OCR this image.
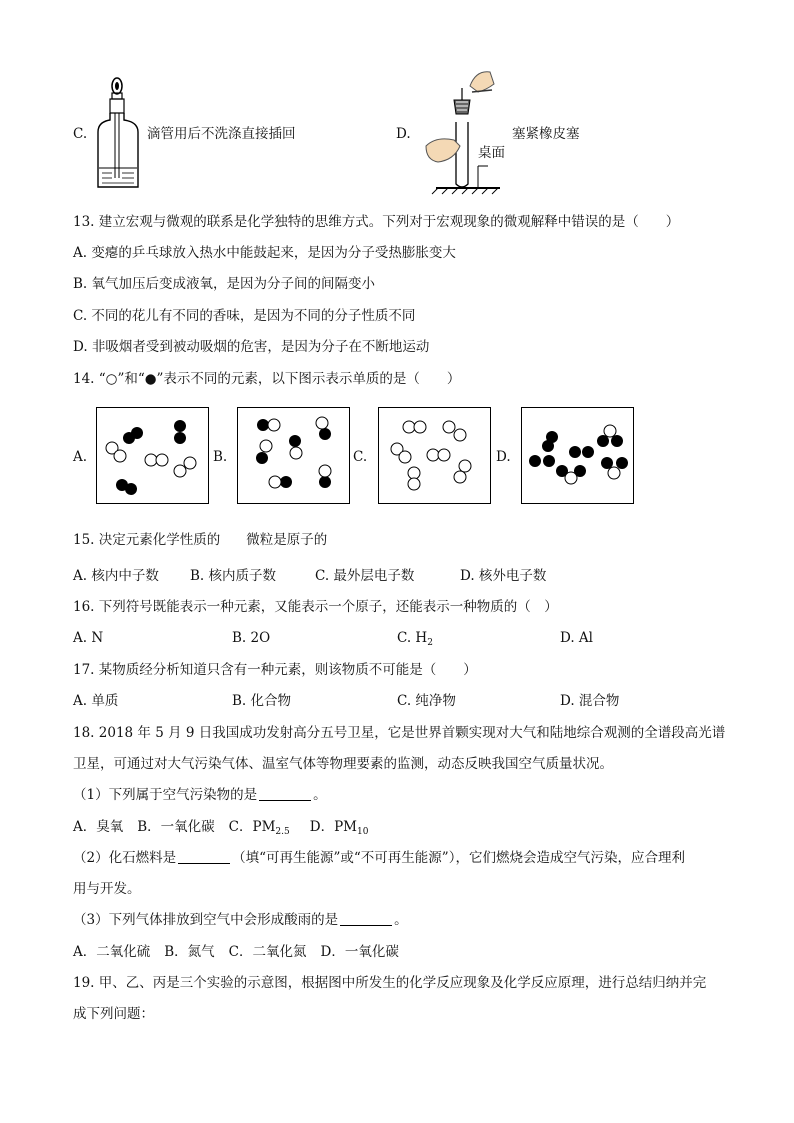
C.	滴管用后不洗涤直接插回	D.
桌面
塞紧橡皮塞
13. 建立宏观与微观的联系是化学独特的思维方式。下列对于宏观现象的微观解释中错误的是（　　）
A. 变瘪的乒乓球放入热水中能鼓起来，是因为分子受热膨胀变大
B. 氧气加压后变成液氧，是因为分子间的间隔变小
C. 不同的花儿有不同的香味，是因为不同的分子性质不同
D. 非吸烟者受到被动吸烟的危害，是因为分子在不断地运动
14. “○”和“●”表示不同的元素，以下图示表示单质的是（　　）
A.	B.	C.	D.
15. 决定元素化学性质的 微粒是原子的
A. 核内中子数 B. 核内质子数	C. 最外层电子数	D. 核外电子数
16. 下列符号既能表示一种元素，又能表示一个原子，还能表示一种物质的（　）
A. N	B. 2O	C. $H_2$	D. Al
17. 某物质经分析知道只含有一种元素，则该物质不可能是（　　）
A. 单质	B. 化合物	C. 纯净物	D. 混合物
18. 2018 年 5 月 9 日我国成功发射高分五号卫星，它是世界首颗实现对大气和陆地综合观测的全谱段高光谱
卫星，可通过对大气污染气体、温室气体等物理要素的监测，动态反映我国空气质量状况。
（1）下列属于空气污染物的是	。
A．臭氧 B．一氧化碳 C．$PM_{2.5}$ D．$PM_{10}$
（2）化石燃料是	（填“可再生能源”或“不可再生能源”），它们燃烧会造成空气污染，应合理利
用与开发。
（3）下列气体排放到空气中会形成酸雨的是	。
A．二氧化硫 B．氮气 C．二氧化氮 D．一氧化碳
19. 甲、乙、丙是三个实验的示意图，根据图中所发生的化学反应现象及化学反应原理，进行总结归纳并完
成下列问题：
